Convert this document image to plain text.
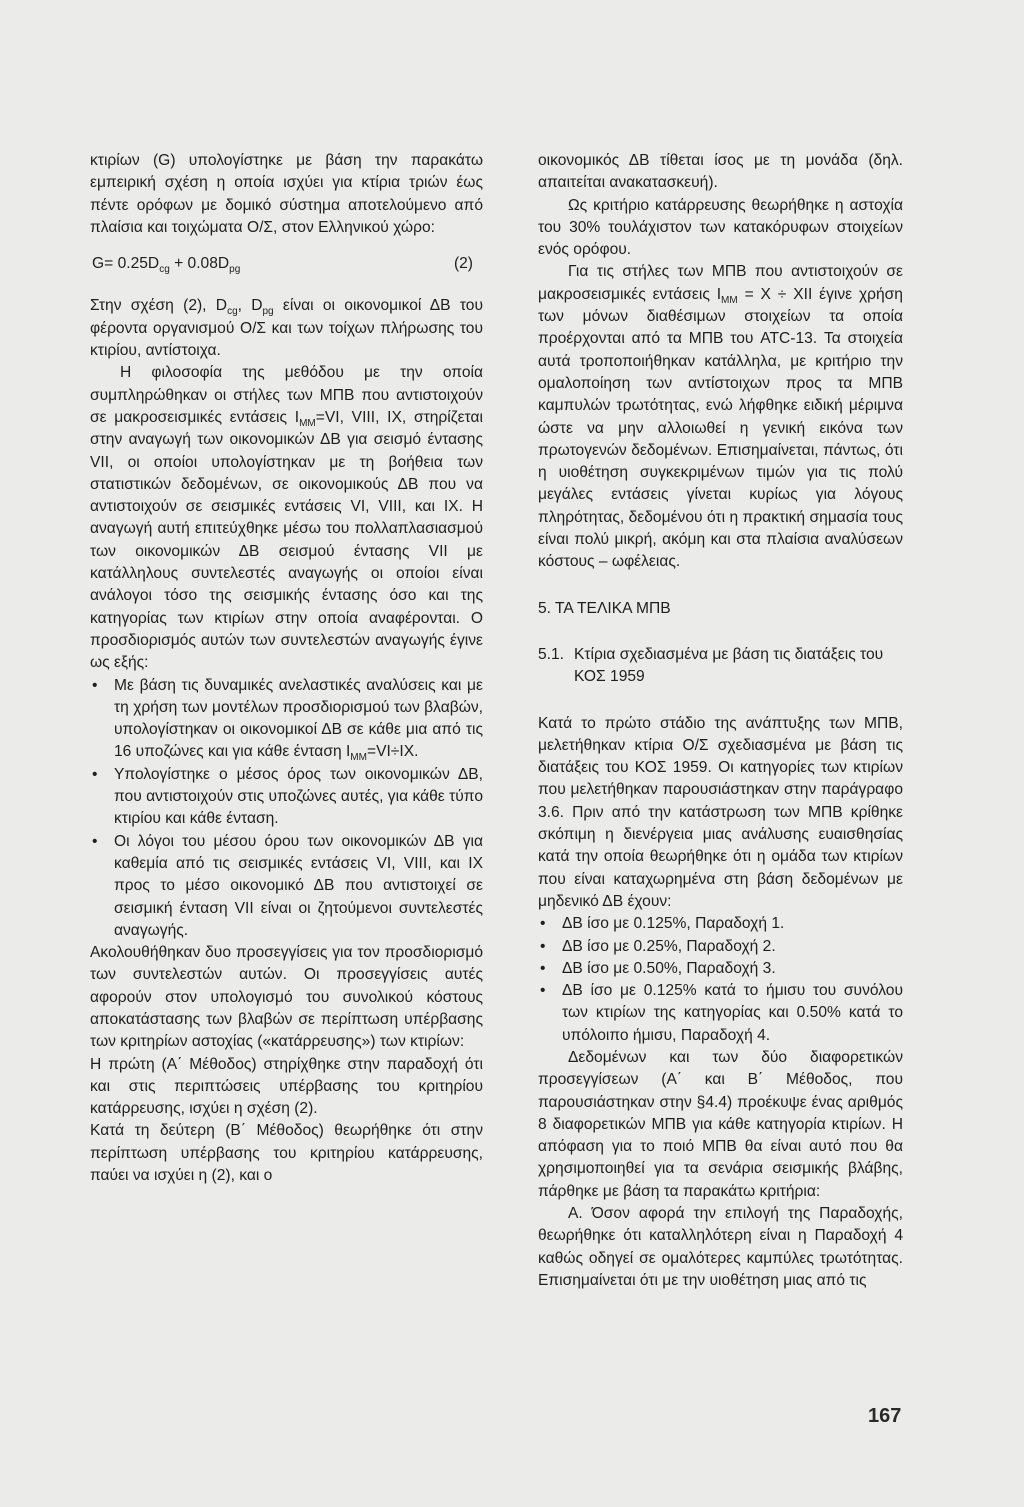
κτιρίων (G) υπολογίστηκε με βάση την παρακάτω εμπειρική σχέση η οποία ισχύει για κτίρια τριών έως πέντε ορόφων με δομικό σύστημα αποτελούμενο από πλαίσια και τοιχώματα Ο/Σ, στον Ελληνικού χώρο:

$G= 0.25D_{cg} + 0.08D_{pg}$	(2)

Στην σχέση (2), $D_{cg}$, $D_{pg}$ είναι οι οικονομικοί ΔΒ του φέροντα οργανισμού Ο/Σ και των τοίχων πλήρωσης του κτιρίου, αντίστοιχα.

Η φιλοσοφία της μεθόδου με την οποία συμπληρώθηκαν οι στήλες των ΜΠΒ που αντιστοιχούν σε μακροσεισμικές εντάσεις $I_{MM}=VI$, VIII, IX, στηρίζεται στην αναγωγή των οικονομικών ΔΒ για σεισμό έντασης VII, οι οποίοι υπολογίστηκαν με τη βοήθεια των στατιστικών δεδομένων, σε οικονομικούς ΔΒ που να αντιστοιχούν σε σεισμικές εντάσεις VI, VIII, και IX. Η αναγωγή αυτή επιτεύχθηκε μέσω του πολλαπλασιασμού των οικονομικών ΔΒ σεισμού έντασης VII με κατάλληλους συντελεστές αναγωγής οι οποίοι είναι ανάλογοι τόσο της σεισμικής έντασης όσο και της κατηγορίας των κτιρίων στην οποία αναφέρονται. Ο προσδιορισμός αυτών των συντελεστών αναγωγής έγινε ως εξής:

• Με βάση τις δυναμικές ανελαστικές αναλύσεις και με τη χρήση των μοντέλων προσδιορισμού των βλαβών, υπολογίστηκαν οι οικονομικοί ΔΒ σε κάθε μια από τις 16 υποζώνες και για κάθε ένταση $I_{MM}=VI\div IX$.
• Υπολογίστηκε ο μέσος όρος των οικονομικών ΔΒ, που αντιστοιχούν στις υποζώνες αυτές, για κάθε τύπο κτιρίου και κάθε ένταση.
• Οι λόγοι του μέσου όρου των οικονομικών ΔΒ για καθεμία από τις σεισμικές εντάσεις VI, VIII, και IX προς το μέσο οικονομικό ΔΒ που αντιστοιχεί σε σεισμική ένταση VII είναι οι ζητούμενοι συντελεστές αναγωγής.

Ακολουθήθηκαν δυο προσεγγίσεις για τον προσδιορισμό των συντελεστών αυτών. Οι προσεγγίσεις αυτές αφορούν στον υπολογισμό του συνολικού κόστους αποκατάστασης των βλαβών σε περίπτωση υπέρβασης των κριτηρίων αστοχίας («κατάρρευσης») των κτιρίων:

Η πρώτη (Α΄ Μέθοδος) στηρίχθηκε στην παραδοχή ότι και στις περιπτώσεις υπέρβασης του κριτηρίου κατάρρευσης, ισχύει η σχέση (2).

Κατά τη δεύτερη (Β΄ Μέθοδος) θεωρήθηκε ότι στην περίπτωση υπέρβασης του κριτηρίου κατάρρευσης, παύει να ισχύει η (2), και ο

οικονομικός ΔΒ τίθεται ίσος με τη μονάδα (δηλ. απαιτείται ανακατασκευή).

Ως κριτήριο κατάρρευσης θεωρήθηκε η αστοχία του 30% τουλάχιστον των κατακόρυφων στοιχείων ενός ορόφου.

Για τις στήλες των ΜΠΒ που αντιστοιχούν σε μακροσεισμικές εντάσεις $I_{MM} = X$ ÷ XII έγινε χρήση των μόνων διαθέσιμων στοιχείων τα οποία προέρχονται από τα ΜΠΒ του ATC-13. Τα στοιχεία αυτά τροποποιήθηκαν κατάλληλα, με κριτήριο την ομαλοποίηση των αντίστοιχων προς τα ΜΠΒ καμπυλών τρωτότητας, ενώ λήφθηκε ειδική μέριμνα ώστε να μην αλλοιωθεί η γενική εικόνα των πρωτογενών δεδομένων. Επισημαίνεται, πάντως, ότι η υιοθέτηση συγκεκριμένων τιμών για τις πολύ μεγάλες εντάσεις γίνεται κυρίως για λόγους πληρότητας, δεδομένου ότι η πρακτική σημασία τους είναι πολύ μικρή, ακόμη και στα πλαίσια αναλύσεων κόστους – ωφέλειας.

5. ΤΑ ΤΕΛΙΚΑ ΜΠΒ
5.1. Κτίρια σχεδιασμένα με βάση τις διατάξεις του ΚΟΣ 1959

Κατά το πρώτο στάδιο της ανάπτυξης των ΜΠΒ, μελετήθηκαν κτίρια Ο/Σ σχεδιασμένα με βάση τις διατάξεις του ΚΟΣ 1959. Οι κατηγορίες των κτιρίων που μελετήθηκαν παρουσιάστηκαν στην παράγραφο 3.6. Πριν από την κατάστρωση των ΜΠΒ κρίθηκε σκόπιμη η διενέργεια μιας ανάλυσης ευαισθησίας κατά την οποία θεωρήθηκε ότι η ομάδα των κτιρίων που είναι καταχωρημένα στη βάση δεδομένων με μηδενικό ΔΒ έχουν:

• ΔΒ ίσο με 0.125%, Παραδοχή 1.
• ΔΒ ίσο με 0.25%, Παραδοχή 2.
• ΔΒ ίσο με 0.50%, Παραδοχή 3.
• ΔΒ ίσο με 0.125% κατά το ήμισυ του συνόλου των κτιρίων της κατηγορίας και 0.50% κατά το υπόλοιπο ήμισυ, Παραδοχή 4.

Δεδομένων και των δύο διαφορετικών προσεγγίσεων (Α΄ και Β΄ Μέθοδος, που παρουσιάστηκαν στην §4.4) προέκυψε ένας αριθμός 8 διαφορετικών ΜΠΒ για κάθε κατηγορία κτιρίων. Η απόφαση για το ποιό ΜΠΒ θα είναι αυτό που θα χρησιμοποιηθεί για τα σενάρια σεισμικής βλάβης, πάρθηκε με βάση τα παρακάτω κριτήρια:

Α. Όσον αφορά την επιλογή της Παραδοχής, θεωρήθηκε ότι καταλληλότερη είναι η Παραδοχή 4 καθώς οδηγεί σε ομαλότερες καμπύλες τρωτότητας. Επισημαίνεται ότι με την υιοθέτηση μιας από τις

167
